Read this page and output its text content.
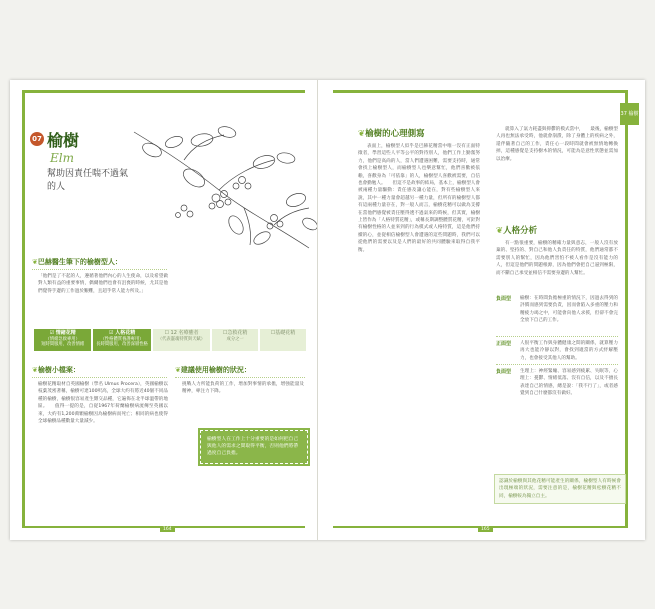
07 榆樹
Elm
幫助因責任喘不過氣的人
❦巴赫醫生筆下的榆樹型人：
「他們是了不起的人，遵循著他們內心的人生使命，以及希望做對人類有益的重要事情，偶爾他們也會有沮喪的時候，尤其是他們覺得手邊的工作過於艱難，且超乎常人能力所及。」
☑ 情緒花精
（情緒急救專用）
短時間服用，改善情緒
☑ 人格花精
（性格體質養護專用）
長時間服用，改善深層性格
☐ 12 名療癒者
（代表靈魂特質與天賦）
☐急救花精
成分之一
☐基礎花精
❦榆樹小檔案：
榆樹花精取材自英國榆樹（學名 Ulmus Procera），英國榆樹以枝葉茂密著稱，榆樹可達100呎高，全球大約有將近40個不同品種的榆樹，榆樹很容易產生雜交品種，它遍佈在北半球溫帶的地區。　　值得一提的是，自從1967年荷蘭榆樹病流傳至英國以來，大約有1,200萬顆榆樹因為榆樹病而死亡；相同的病也使得全球榆樹品種數量大量減少。
❦建議使用榆樹的狀況：
挑戰人力所能負荷的工作，增加對事情的承擔，增強能量及精神，專注力下降。
榆樹型人在工作上十分重要的是如何把自己與他人的需求之間取得平衡，否則他們將帶過度自己負擔。
164
37 榆樹
❦榆樹的心理側寫

表面上，榆樹型人似乎是巴赫花精當中唯一沒有正面特徵者，學習這些人平等公平的對待別人，他們工作上勤奮努力，他們是高尚的人，當人們遭遇困難，需要支持時，通常會找上榆樹型人，而榆樹型人也樂意幫忙，他們喜歡被依賴，喜歡身為「可依靠」的人，榆樹型人喜歡被需要，自信也會勤勉人。　　但這不是故事的結局，基本上，榆樹型人會被兩種力量驅動：責任感及讓心能在，對有些榆樹型人來說，其中一種力量會超越另一種力量，但所有的榆樹型人都有這兩種力量存在，對一般人而言，榆樹花精可以做為支撐在當他們感覺被責任壓得透不過氣來的時候，但其實，榆樹上皆作為「人格特質花精」，或稱長期調整體質花精，可針對有榆樹性格的人並來到的行為模式或人格特質，這是他們持續的心，並從相信榆樹型人會遭遇的這些問題時，我們可以從他們的需要以及是人們的最好的共同體驗來取得自我平衡。

就算入了氣力耗盡與抑鬱的模式當中，　　最後，榆樹型人再也無法承受時，他就會崩潰，除了身體上的疾病之外，還伴隨著自己的工作，責任心一段時間就會被無情地轉換掉，這種感覺是支持樹木的情況，可能為是意性狀態並需加以治療。

❦人格分析

有一點很重要，榆樹的精確力量與意志，一般人沒有放棄的、堅持的、對自己和他人負責任的特質，他們通常都不需要別人的幫忙，因為他們害怕不被人看作是沒有能力的人，但這是他們的問題根源，因為他們會把自己逼到極限，而不斷自己承受並相信不需要身邊的人幫忙。

負面型	榆樹：在時間負擔極重的情況下，因過去得到的評價而感到需要負責，因而會陷入多重的壓力和精疲力竭之中，可能會向他人求援，但卻不會完全放下自己的工作。
正面型	人很平衡工作與身體健康之間的關係，就算壓力再大也能冷靜以對，會找到適當的方式紓解壓力，也會接受其他人的幫助。
負面型	生理上：神經緊繃、容易感到疲累、失眠等，心理上：憂鬱、情緒低落、沒有自信，以及不擅長表達自己的情感，總是說：「我不行了」，或者感覺到自己什麼都沒有做好。
認識於榆樹與其他花精可能產生的關係，榆樹型人有時候會出現極端的狀況，需要注意的是，榆樹花精與松樹花精不同，榆樹較為獨立自主。
165
